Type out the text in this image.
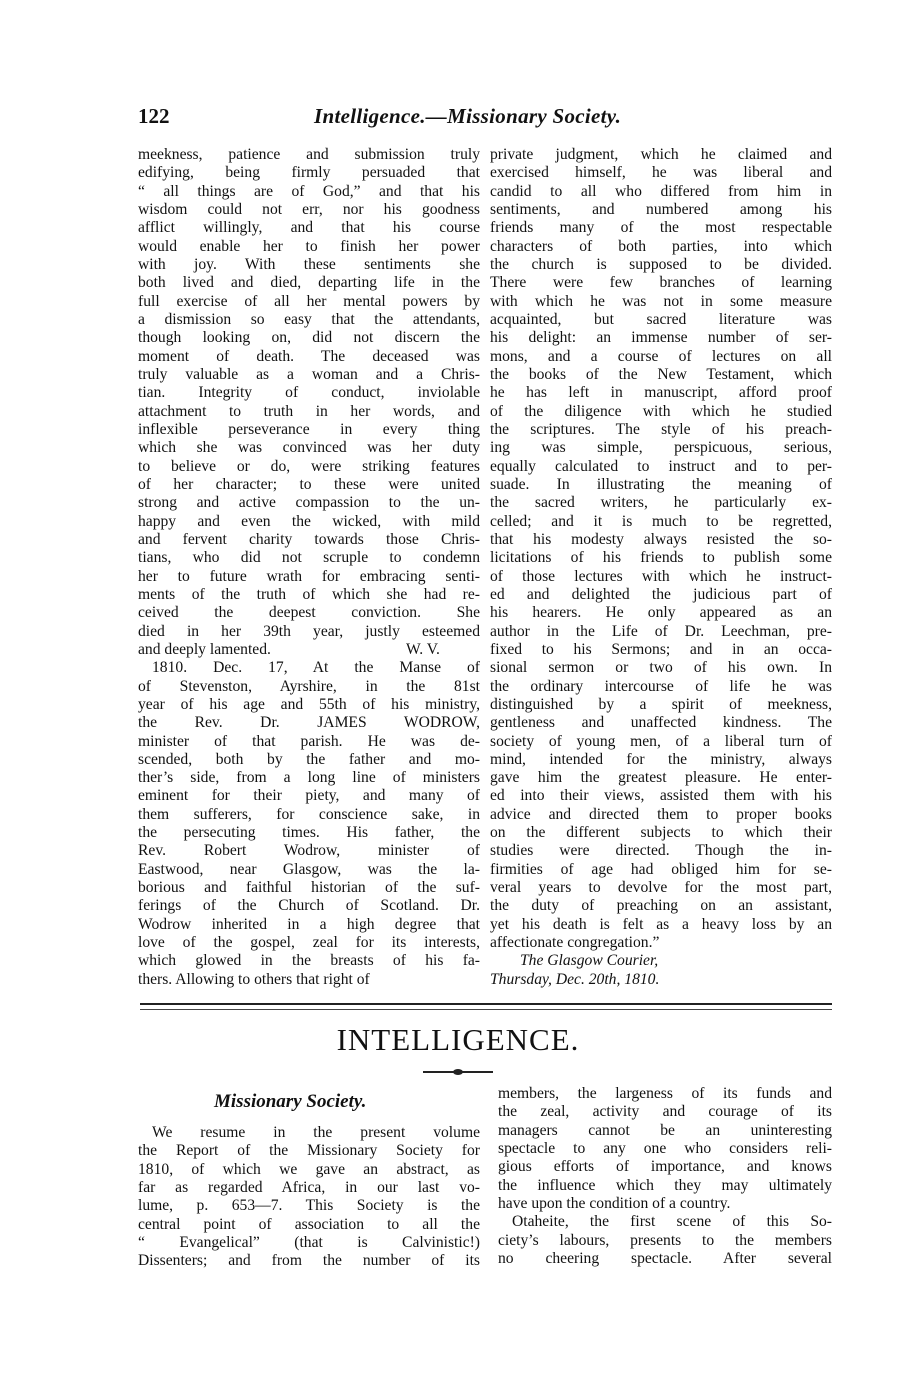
122	Intelligence.—Missionary Society.
meekness, patience and submission truly
edifying, being firmly persuaded that
“ all things are of God,” and that his
wisdom could not err, nor his goodness
afflict willingly, and that his course
would enable her to finish her power
with joy. With these sentiments she
both lived and died, departing life in the
full exercise of all her mental powers by
a dismission so easy that the attendants,
though looking on, did not discern the
moment of death. The deceased was
truly valuable as a woman and a Chris-
tian. Integrity of conduct, inviolable
attachment to truth in her words, and
inflexible perseverance in every thing
which she was convinced was her duty
to believe or do, were striking features
of her character; to these were united
strong and active compassion to the un-
happy and even the wicked, with mild
and fervent charity towards those Chris-
tians, who did not scruple to condemn
her to future wrath for embracing senti-
ments of the truth of which she had re-
ceived the deepest conviction. She
died in her 39th year, justly esteemed
and deeply lamented.	W. V.
1810. Dec. 17, At the Manse of
of Stevenston, Ayrshire, in the 81st
year of his age and 55th of his ministry,
the Rev. Dr. JAMES WODROW,
minister of that parish. He was de-
scended, both by the father and mo-
ther’s side, from a long line of ministers
eminent for their piety, and many of
them sufferers, for conscience sake, in
the persecuting times. His father, the
Rev. Robert Wodrow, minister of
Eastwood, near Glasgow, was the la-
borious and faithful historian of the suf-
ferings of the Church of Scotland. Dr.
Wodrow inherited in a high degree that
love of the gospel, zeal for its interests,
which glowed in the breasts of his fa-
thers. Allowing to others that right of
private judgment, which he claimed and
exercised himself, he was liberal and
candid to all who differed from him in
sentiments, and numbered among his
friends many of the most respectable
characters of both parties, into which
the church is supposed to be divided.
There were few branches of learning
with which he was not in some measure
acquainted, but sacred literature was
his delight: an immense number of ser-
mons, and a course of lectures on all
the books of the New Testament, which
he has left in manuscript, afford proof
of the diligence with which he studied
the scriptures. The style of his preach-
ing was simple, perspicuous, serious,
equally calculated to instruct and to per-
suade. In illustrating the meaning of
the sacred writers, he particularly ex-
celled; and it is much to be regretted,
that his modesty always resisted the so-
licitations of his friends to publish some
of those lectures with which he instruct-
ed and delighted the judicious part of
his hearers. He only appeared as an
author in the Life of Dr. Leechman, pre-
fixed to his Sermons; and in an occa-
sional sermon or two of his own. In
the ordinary intercourse of life he was
distinguished by a spirit of meekness,
gentleness and unaffected kindness. The
society of young men, of a liberal turn of
mind, intended for the ministry, always
gave him the greatest pleasure. He enter-
ed into their views, assisted them with his
advice and directed them to proper books
on the different subjects to which their
studies were directed. Though the in-
firmities of age had obliged him for se-
veral years to devolve for the most part,
the duty of preaching on an assistant,
yet his death is felt as a heavy loss by an
affectionate congregation.”
The Glasgow Courier,
Thursday, Dec. 20th, 1810.
INTELLIGENCE.
Missionary Society.
We resume in the present volume
the Report of the Missionary Society for
1810, of which we gave an abstract, as
far as regarded Africa, in our last vo-
lume, p. 653—7. This Society is the
central point of association to all the
“ Evangelical” (that is Calvinistic!)
Dissenters; and from the number of its
members, the largeness of its funds and
the zeal, activity and courage of its
managers cannot be an uninteresting
spectacle to any one who considers reli-
gious efforts of importance, and knows
the influence which they may ultimately
have upon the condition of a country.
Otaheite, the first scene of this So-
ciety’s labours, presents to the members
no cheering spectacle. After several
